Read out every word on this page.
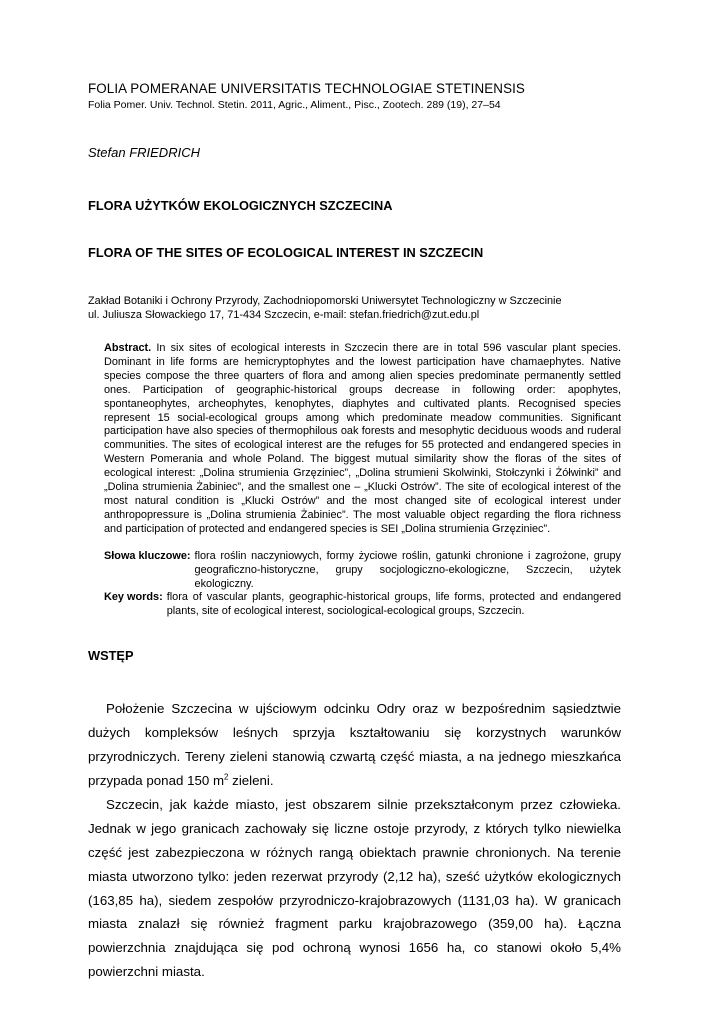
FOLIA POMERANAE UNIVERSITATIS TECHNOLOGIAE STETINENSIS

Folia Pomer. Univ. Technol. Stetin. 2011, Agric., Aliment., Pisc., Zootech. 289 (19), 27–54

Stefan FRIEDRICH

FLORA UŻYTKÓW EKOLOGICZNYCH SZCZECINA

FLORA OF THE SITES OF ECOLOGICAL INTEREST IN SZCZECIN

Zakład Botaniki i Ochrony Przyrody, Zachodniopomorski Uniwersytet Technologiczny w Szczecinie
ul. Juliusza Słowackiego 17, 71-434 Szczecin, e-mail: stefan.friedrich@zut.edu.pl
Abstract. In six sites of ecological interests in Szczecin there are in total 596 vascular plant species. Dominant in life forms are hemicryptophytes and the lowest participation have chamaephytes. Native species compose the three quarters of flora and among alien species predominate permanently settled ones. Participation of geographic-historical groups decrease in following order: apophytes, spontaneophytes, archeophytes, kenophytes, diaphytes and cultivated plants. Recognised species represent 15 social-ecological groups among which predominate meadow communities. Significant participation have also species of thermophilous oak forests and mesophytic deciduous woods and ruderal communities. The sites of ecological interest are the refuges for 55 protected and endangered species in Western Pomerania and whole Poland. The biggest mutual similarity show the floras of the sites of ecological interest: „Dolina strumienia Grzęziniec”, „Dolina strumieni Skolwinki, Stołczynki i Żółwinki” and „Dolina strumienia Żabiniec”, and the smallest one – „Klucki Ostrów”. The site of ecological interest of the most natural condition is „Klucki Ostrów” and the most changed site of ecological interest under anthropopressure is „Dolina strumienia Żabiniec”. The most valuable object regarding the flora richness and participation of protected and endangered species is SEI „Dolina strumienia Grzęziniec”.
Słowa kluczowe: flora roślin naczyniowych, formy życiowe roślin, gatunki chronione i zagrożone, grupy geograficzno-historyczne, grupy socjologiczno-ekologiczne, Szczecin, użytek ekologiczny.
Key words: flora of vascular plants, geographic-historical groups, life forms, protected and endangered plants, site of ecological interest, sociological-ecological groups, Szczecin.

WSTĘP

Położenie Szczecina w ujściowym odcinku Odry oraz w bezpośrednim sąsiedztwie dużych kompleksów leśnych sprzyja kształtowaniu się korzystnych warunków przyrodniczych. Tereny zieleni stanowią czwartą część miasta, a na jednego mieszkańca przypada ponad 150 $m^2$ zieleni.

Szczecin, jak każde miasto, jest obszarem silnie przekształconym przez człowieka. Jednak w jego granicach zachowały się liczne ostoje przyrody, z których tylko niewielka część jest zabezpieczona w różnych rangą obiektach prawnie chronionych. Na terenie miasta utworzono tylko: jeden rezerwat przyrody (2,12 ha), sześć użytków ekologicznych (163,85 ha), siedem zespołów przyrodniczo-krajobrazowych (1131,03 ha). W granicach miasta znalazł się również fragment parku krajobrazowego (359,00 ha). Łączna powierzchnia znajdująca się pod ochroną wynosi 1656 ha, co stanowi około 5,4% powierzchni miasta.
